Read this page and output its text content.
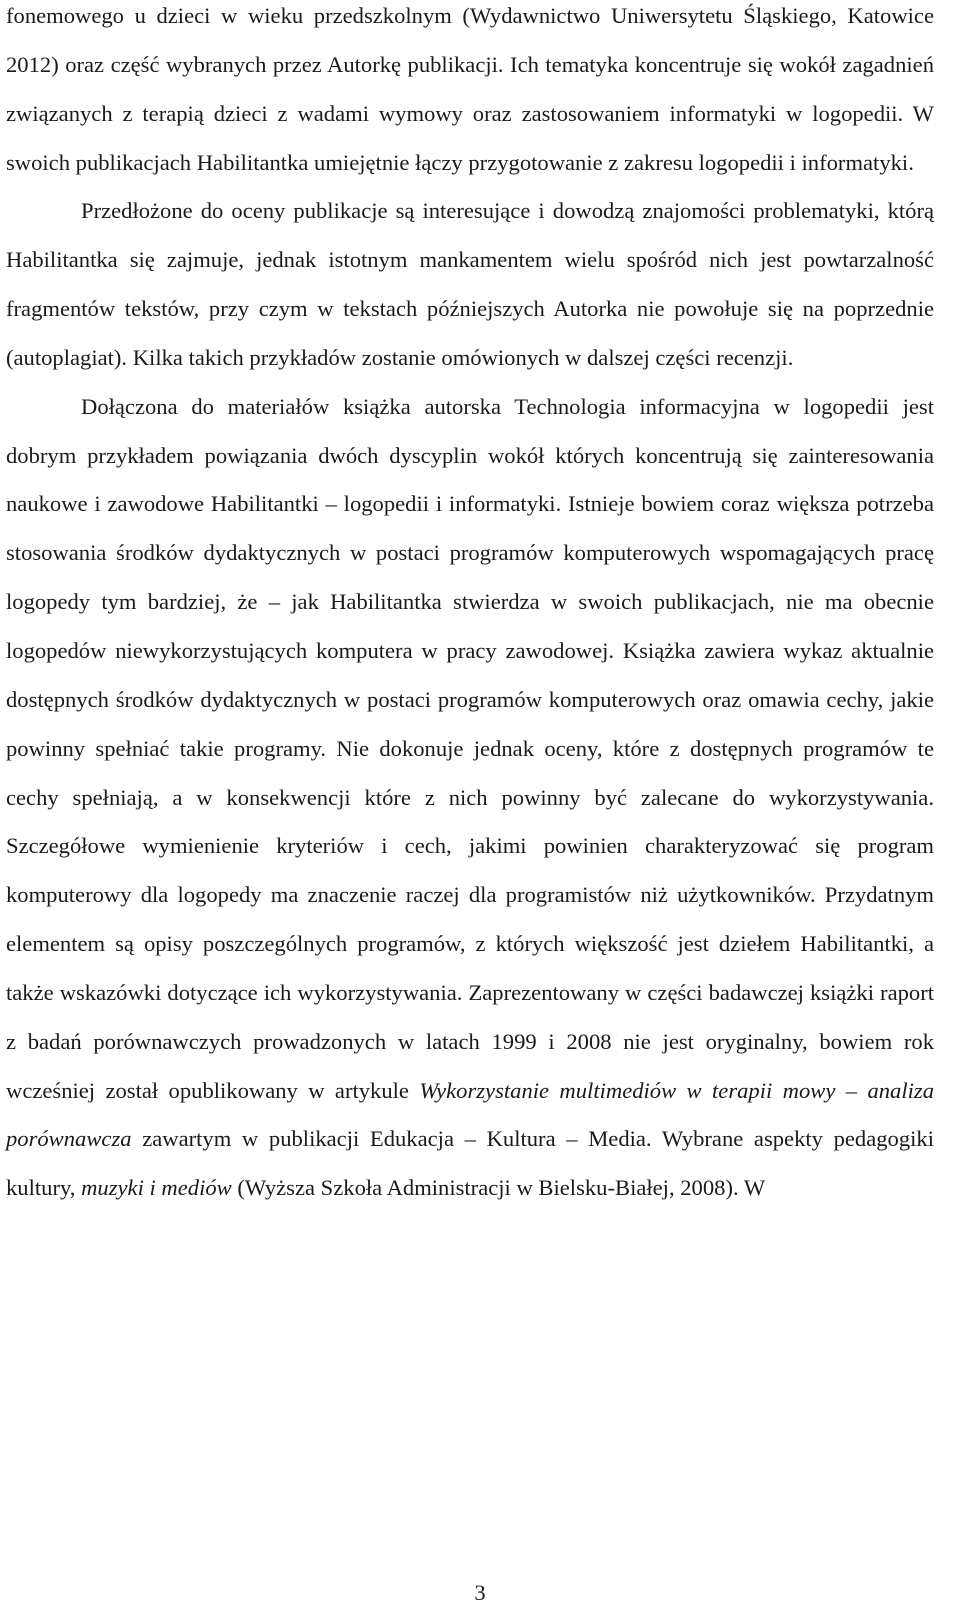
fonemowego u dzieci w wieku przedszkolnym (Wydawnictwo Uniwersytetu Śląskiego, Katowice 2012) oraz część wybranych przez Autorkę publikacji. Ich tematyka koncentruje się wokół zagadnień związanych z terapią dzieci z wadami wymowy oraz zastosowaniem informatyki w logopedii. W swoich publikacjach Habilitantka umiejętnie łączy przygotowanie z zakresu logopedii i informatyki.

Przedłożone do oceny publikacje są interesujące i dowodzą znajomości problematyki, którą Habilitantka się zajmuje, jednak istotnym mankamentem wielu spośród nich jest powtarzalność fragmentów tekstów, przy czym w tekstach późniejszych Autorka nie powołuje się na poprzednie (autoplagiat). Kilka takich przykładów zostanie omówionych w dalszej części recenzji.

Dołączona do materiałów książka autorska Technologia informacyjna w logopedii jest dobrym przykładem powiązania dwóch dyscyplin wokół których koncentrują się zainteresowania naukowe i zawodowe Habilitantki – logopedii i informatyki. Istnieje bowiem coraz większa potrzeba stosowania środków dydaktycznych w postaci programów komputerowych wspomagających pracę logopedy tym bardziej, że – jak Habilitantka stwierdza w swoich publikacjach, nie ma obecnie logopedów niewykorzystujących komputera w pracy zawodowej. Książka zawiera wykaz aktualnie dostępnych środków dydaktycznych w postaci programów komputerowych oraz omawia cechy, jakie powinny spełniać takie programy. Nie dokonuje jednak oceny, które z dostępnych programów te cechy spełniają, a w konsekwencji które z nich powinny być zalecane do wykorzystywania. Szczegółowe wymienienie kryteriów i cech, jakimi powinien charakteryzować się program komputerowy dla logopedy ma znaczenie raczej dla programistów niż użytkowników. Przydatnym elementem są opisy poszczególnych programów, z których większość jest dziełem Habilitantki, a także wskazówki dotyczące ich wykorzystywania. Zaprezentowany w części badawczej książki raport z badań porównawczych prowadzonych w latach 1999 i 2008 nie jest oryginalny, bowiem rok wcześniej został opublikowany w artykule Wykorzystanie multimediów w terapii mowy – analiza porównawcza zawartym w publikacji Edukacja – Kultura – Media. Wybrane aspekty pedagogiki kultury, muzyki i mediów (Wyższa Szkoła Administracji w Bielsku-Białej, 2008). W

3
